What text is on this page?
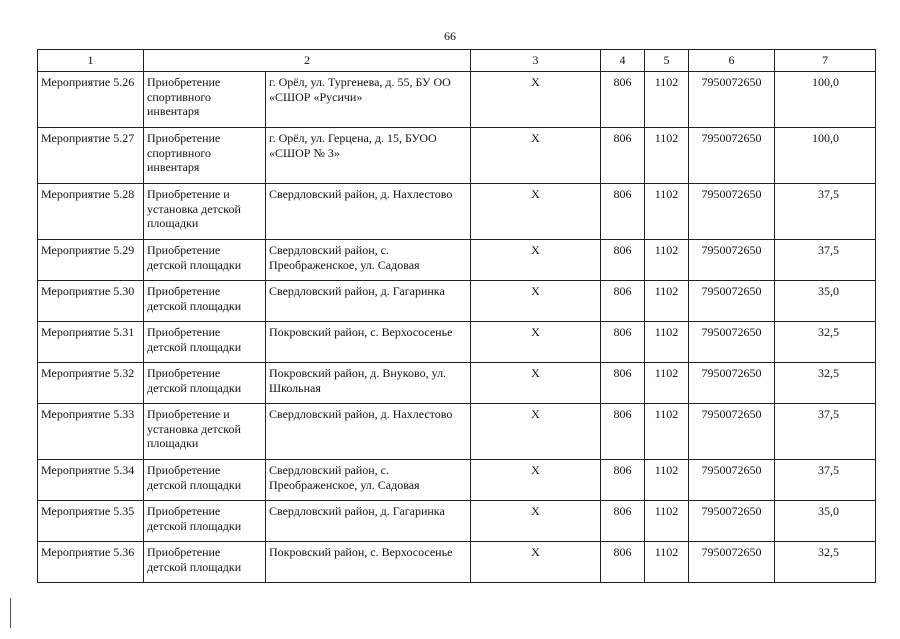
66
1	2		3	4	5	6	7
Мероприятие 5.26	Приобретение спортивного инвентаря	г. Орёл, ул. Тургенева, д. 55, БУ ОО «СШОР «Русичи»	X	806	1102	7950072650	100,0
Мероприятие 5.27	Приобретение спортивного инвентаря	г. Орёл, ул. Герцена, д. 15, БУОО «СШОР № 3»	X	806	1102	7950072650	100,0
Мероприятие 5.28	Приобретение и установка детской площадки	Свердловский район, д. Нахлестово	X	806	1102	7950072650	37,5
Мероприятие 5.29	Приобретение детской площадки	Свердловский район, с. Преображенское, ул. Садовая	X	806	1102	7950072650	37,5
Мероприятие 5.30	Приобретение детской площадки	Свердловский район, д. Гагаринка	X	806	1102	7950072650	35,0
Мероприятие 5.31	Приобретение детской площадки	Покровский район, с. Верхососенье	X	806	1102	7950072650	32,5
Мероприятие 5.32	Приобретение детской площадки	Покровский район, д. Внуково, ул. Школьная	X	806	1102	7950072650	32,5
Мероприятие 5.33	Приобретение и установка детской площадки	Свердловский район, д. Нахлестово	X	806	1102	7950072650	37,5
Мероприятие 5.34	Приобретение детской площадки	Свердловский район, с. Преображенское, ул. Садовая	X	806	1102	7950072650	37,5
Мероприятие 5.35	Приобретение детской площадки	Свердловский район, д. Гагаринка	X	806	1102	7950072650	35,0
Мероприятие 5.36	Приобретение детской площадки	Покровский район, с. Верхососенье	X	806	1102	7950072650	32,5
